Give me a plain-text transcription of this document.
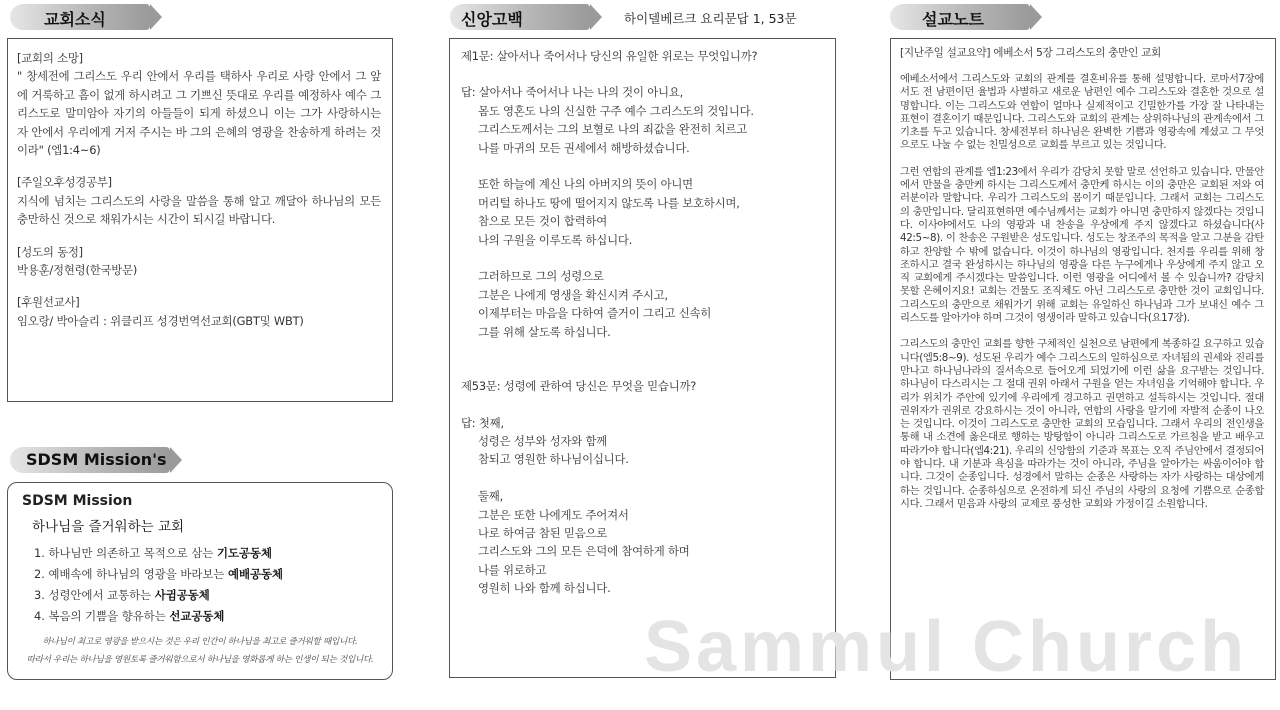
교회소식

[교회의 소망]

" 창세전에 그리스도 우리 안에서 우리를 택하사 우리로 사랑 안에서 그 앞에 거룩하고 흠이 없게 하시려고 그 기쁘신 뜻대로 우리를 예정하사 예수 그리스도로 말미암아 자기의 아들들이 되게 하셨으니 이는 그가 사랑하시는 자 안에서 우리에게 거저 주시는 바 그의 은혜의 영광을 찬송하게 하려는 것이라" (엡1:4~6)

[주일오후성경공부]

지식에 넘치는 그리스도의 사랑을 말씀을 통해 알고 깨달아 하나님의 모든 충만하신 것으로 채워가시는 시간이 되시길 바랍니다.

[성도의 동정]

박용훈/정현령(한국방문)

[후원선교사]

임오랑/ 박아슬리 : 위클리프 성경번역선교회(GBT및 WBT)

SDSM Mission's

SDSM Mission

하나님을 즐거워하는 교회

1. 하나님만 의존하고 목적으로 삼는 기도공동체
2. 예배속에 하나님의 영광을 바라보는 예배공동체
3. 성령안에서 교통하는 사귐공동체
4. 복음의 기쁨을 향유하는 선교공동체
하나님이 최고로 영광을 받으시는 것은 우리 인간이 하나님을 최고로 즐거워할 때입니다.
따라서 우리는 하나님을 영원토록 즐거워함으로서 하나님을 영화롭게 하는 인생이 되는 것입니다.
신앙고백	하이델베르크 요리문답 1, 53문

제1문: 살아서나 죽어서나 당신의 유일한 위로는 무엇입니까?

답: 살아서나 죽어서나 나는 나의 것이 아니요,

몸도 영혼도 나의 신실한 구주 예수 그리스도의 것입니다.

그리스도께서는 그의 보혈로 나의 죄값을 완전히 치르고

나를 마귀의 모든 권세에서 해방하셨습니다.

또한 하늘에 계신 나의 아버지의 뜻이 아니면

머리털 하나도 땅에 떨어지지 않도록 나를 보호하시며,

참으로 모든 것이 합력하여

나의 구원을 이루도록 하십니다.

그러하므로 그의 성령으로

그분은 나에게 영생을 확신시켜 주시고,

이제부터는 마음을 다하여 즐거이 그리고 신속히

그를 위해 살도록 하십니다.

제53문: 성령에 관하여 당신은 무엇을 믿습니까?

답: 첫째,

성령은 성부와 성자와 함께

참되고 영원한 하나님이십니다.

둘째,

그분은 또한 나에게도 주어져서

나로 하여금 참된 믿음으로

그리스도와 그의 모든 은덕에 참여하게 하며

나를 위로하고

영원히 나와 함께 하십니다.

설교노트

[지난주일 설교요약] 에베소서 5장 그리스도의 충만인 교회

에베소서에서 그리스도와 교회의 관계를 결혼비유를 통해 설명합니다. 로마서7장에서도 전 남편이던 율법과 사별하고 새로운 남편인 예수 그리스도와 결혼한 것으로 설명합니다. 이는 그리스도와 연합이 얼마나 실제적이고 긴밀한가를 가장 잘 나타내는 표현이 결혼이기 때문입니다. 그리스도와 교회의 관계는 삼위하나님의 관계속에서 그 기초를 두고 있습니다. 창세전부터 하나님은 완벽한 기쁨과 영광속에 계셨고 그 무엇으로도 나눌 수 없는 친밀성으로 교회를 부르고 있는 것입니다.

그런 연합의 관계를 엡1:23에서 우리가 감당치 못할 말로 선언하고 있습니다. 만물안에서 만물을 충만케 하시는 그리스도께서 충만케 하시는 이의 충만은 교회된 저와 여러분이라 말합니다. 우리가 그리스도의 몸이기 때문입니다. 그래서 교회는 그리스도의 충만입니다. 달리표현하면 예수님께서는 교회가 아니면 충만하지 않겠다는 것입니다. 이사야에서도 나의 영광과 내 찬송을 우상에게 주지 않겠다고 하셨습니다(사42:5~8). 이 찬송은 구원받은 성도입니다. 성도는 창조주의 목적을 알고 그분을 감탄하고 찬양할 수 밖에 없습니다. 이것이 하나님의 영광입니다. 천지를 우리를 위해 창조하시고 결국 완성하시는 하나님의 영광을 다른 누구에게나 우상에게 주지 않고 오직 교회에게 주시겠다는 말씀입니다. 이런 영광을 어디에서 볼 수 있습니까? 감당치 못할 은혜이지요! 교회는 건물도 조직체도 아닌 그리스도로 충만한 것이 교회입니다. 그리스도의 충만으로 채워가기 위해 교회는 유일하신 하나님과 그가 보내신 예수 그리스도를 알아가야 하며 그것이 영생이라 말하고 있습니다(요17장).

그리스도의 충만인 교회를 향한 구체적인 실천으로 남편에게 복종하길 요구하고 있습니다(엡5:8~9). 성도된 우리가 예수 그리스도의 일하심으로 자녀됨의 권세와 진리를 만나고 하나님나라의 질서속으로 들어오게 되었기에 이런 삶을 요구받는 것입니다. 하나님이 다스리시는 그 절대 권위 아래서 구원을 얻는 자녀임을 기억해야 합니다. 우리가 위치가 주안에 있기에 우리에게 경고하고 권면하고 설득하시는 것입니다. 절대권위자가 권위로 강요하시는 것이 아니라, 연합의 사랑을 알기에 자발적 순종이 나오는 것입니다. 이것이 그리스도로 충만한 교회의 모습입니다. 그래서 우리의 전인생을 통해 내 소견에 옳은대로 행하는 방탕함이 아니라 그리스도로 가르침을 받고 배우고 따라가야 합니다(엡4:21). 우리의 신앙함의 기준과 목표는 오직 주님안에서 결정되어야 합니다. 내 기분과 욕심을 따라가는 것이 아니라, 주님을 알아가는 싸움이어야 합니다. 그것이 순종입니다. 성경에서 말하는 순종은 사랑하는 자가 사랑하는 대상에게 하는 것입니다. 순종하심으로 온전하게 되신 주님의 사랑의 요청에 기쁨으로 순종합시다. 그래서 믿음과 사랑의 교제로 풍성한 교회와 가정이길 소원합니다.

Sammul Church
